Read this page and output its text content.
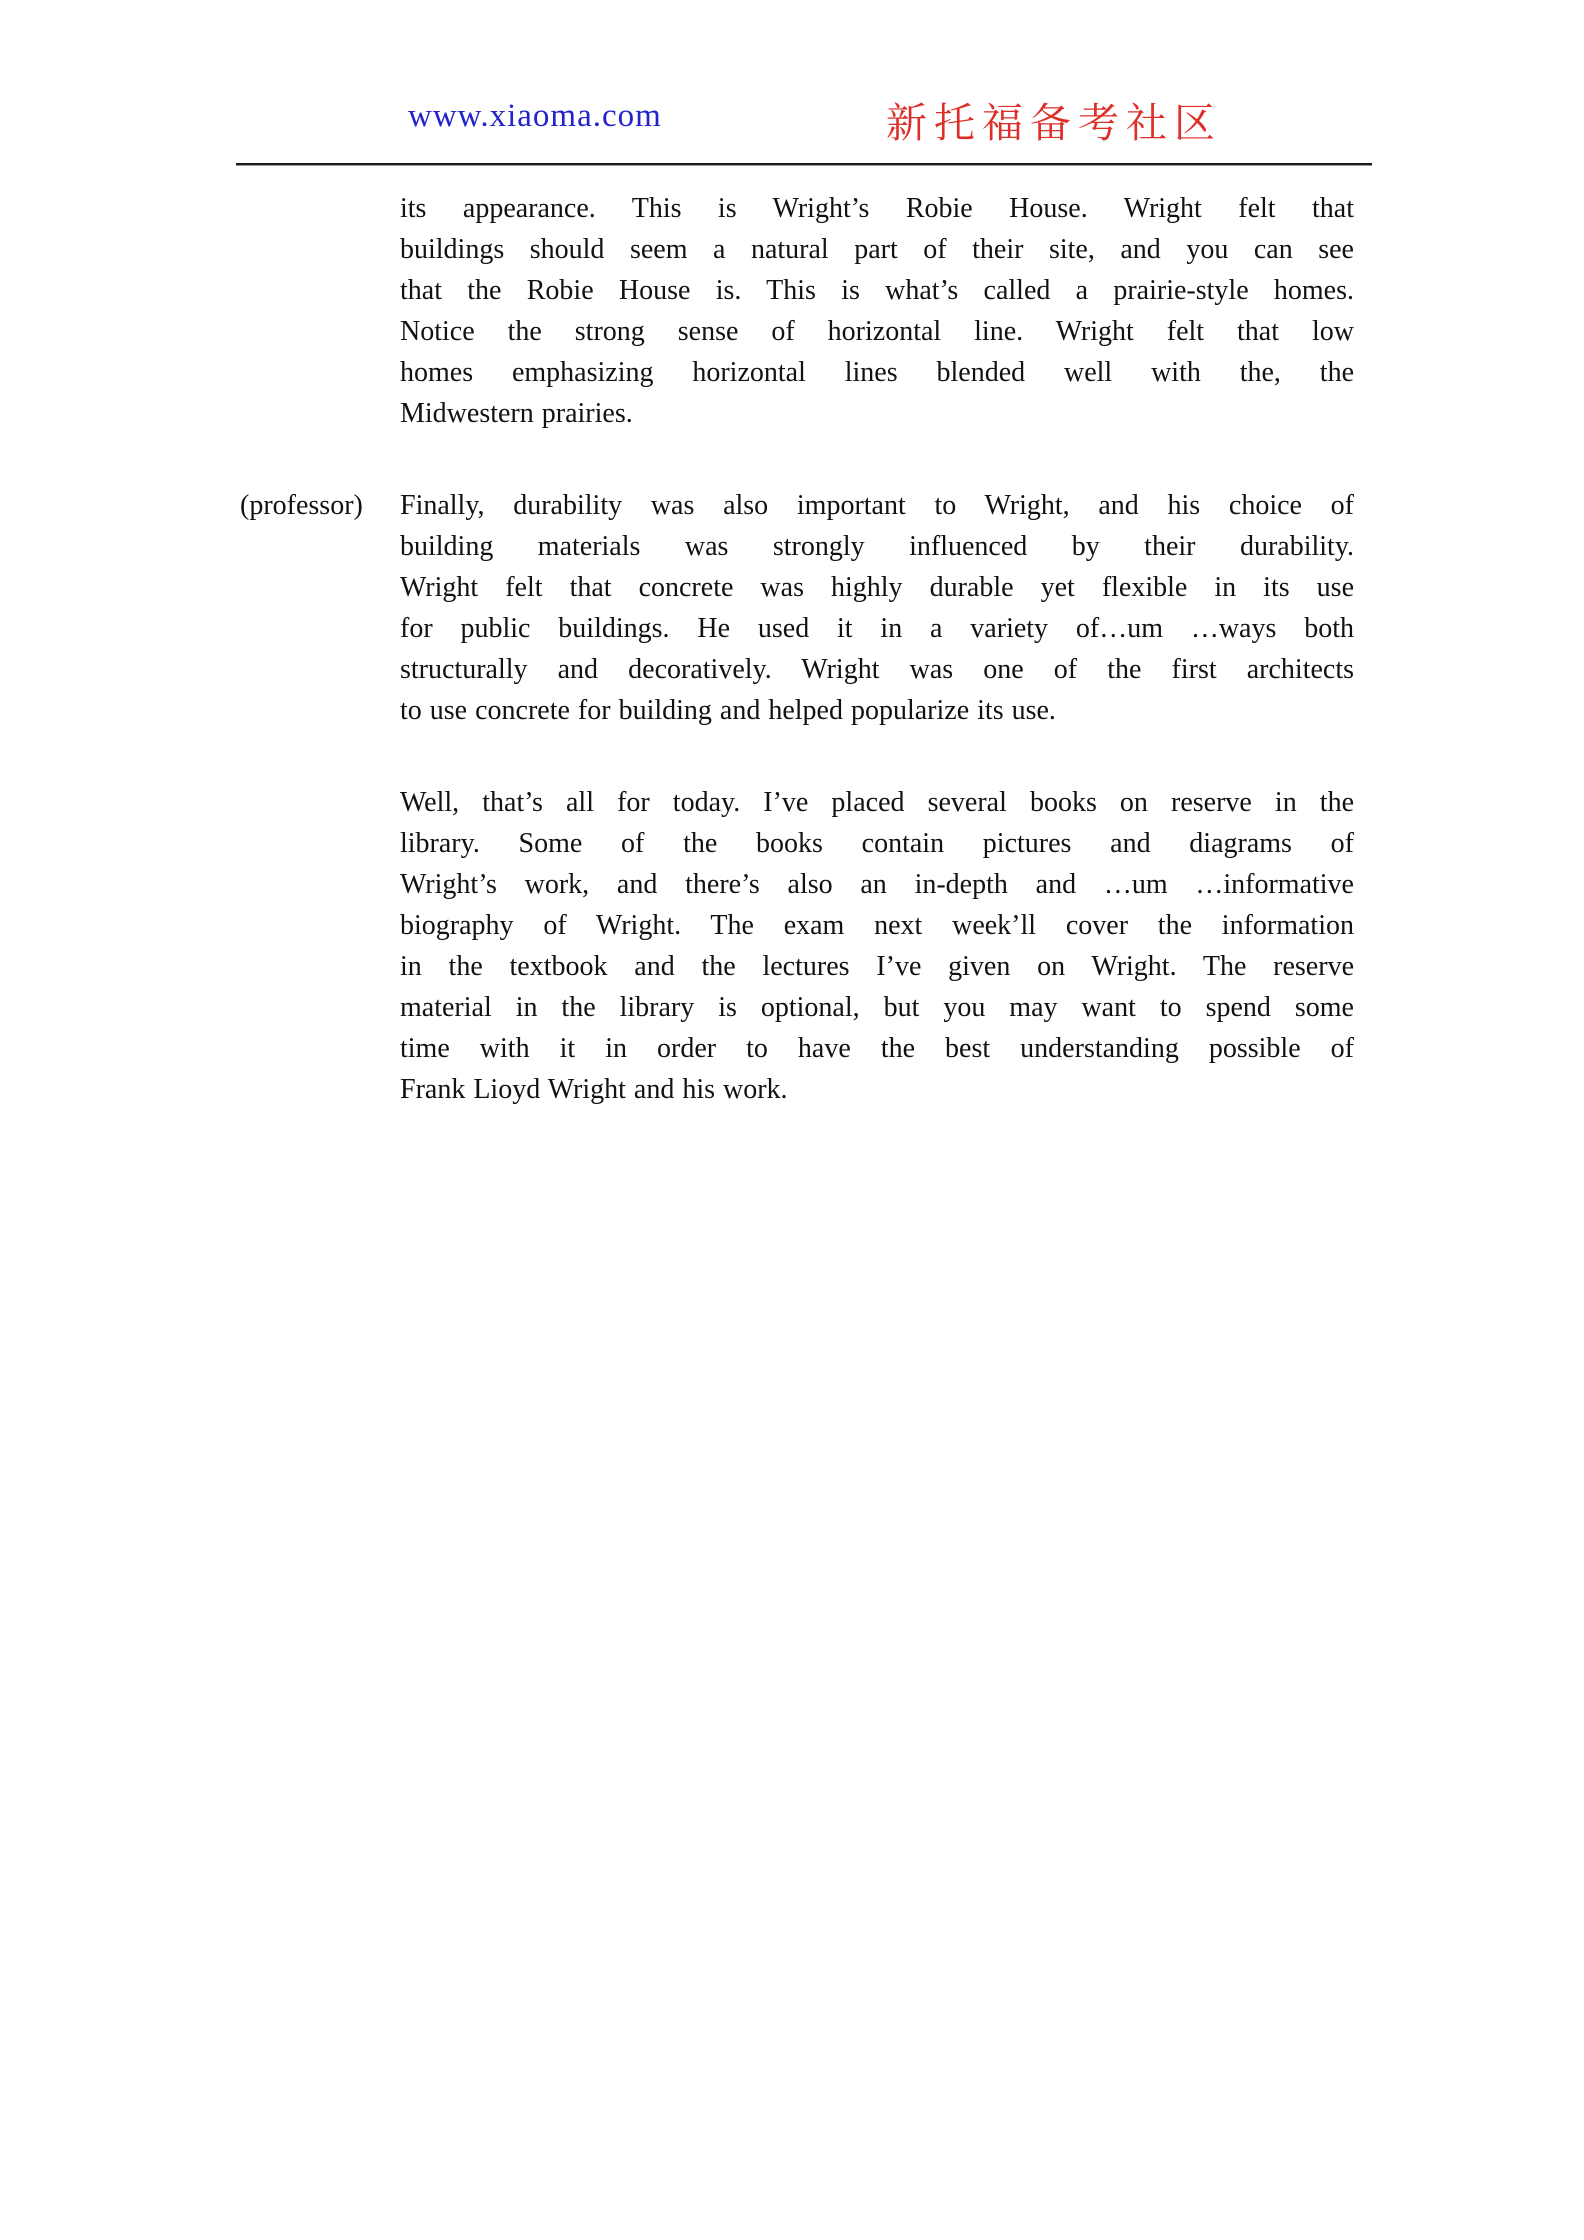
www.xiaoma.com	新托福备考社区
its appearance. This is Wright’s Robie House. Wright felt that
buildings should seem a natural part of their site, and you can see
that the Robie House is. This is what’s called a prairie-style homes.
Notice the strong sense of horizontal line. Wright felt that low
homes emphasizing horizontal lines blended well with the, the
Midwestern prairies.
(professor) Finally, durability was also important to Wright, and his choice of
building materials was strongly influenced by their durability.
Wright felt that concrete was highly durable yet flexible in its use
for public buildings. He used it in a variety of…um …ways both
structurally and decoratively. Wright was one of the first architects
to use concrete for building and helped popularize its use.
Well, that’s all for today. I’ve placed several books on reserve in the
library. Some of the books contain pictures and diagrams of
Wright’s work, and there’s also an in-depth and …um …informative
biography of Wright. The exam next week’ll cover the information
in the textbook and the lectures I’ve given on Wright. The reserve
material in the library is optional, but you may want to spend some
time with it in order to have the best understanding possible of
Frank Lioyd Wright and his work.
